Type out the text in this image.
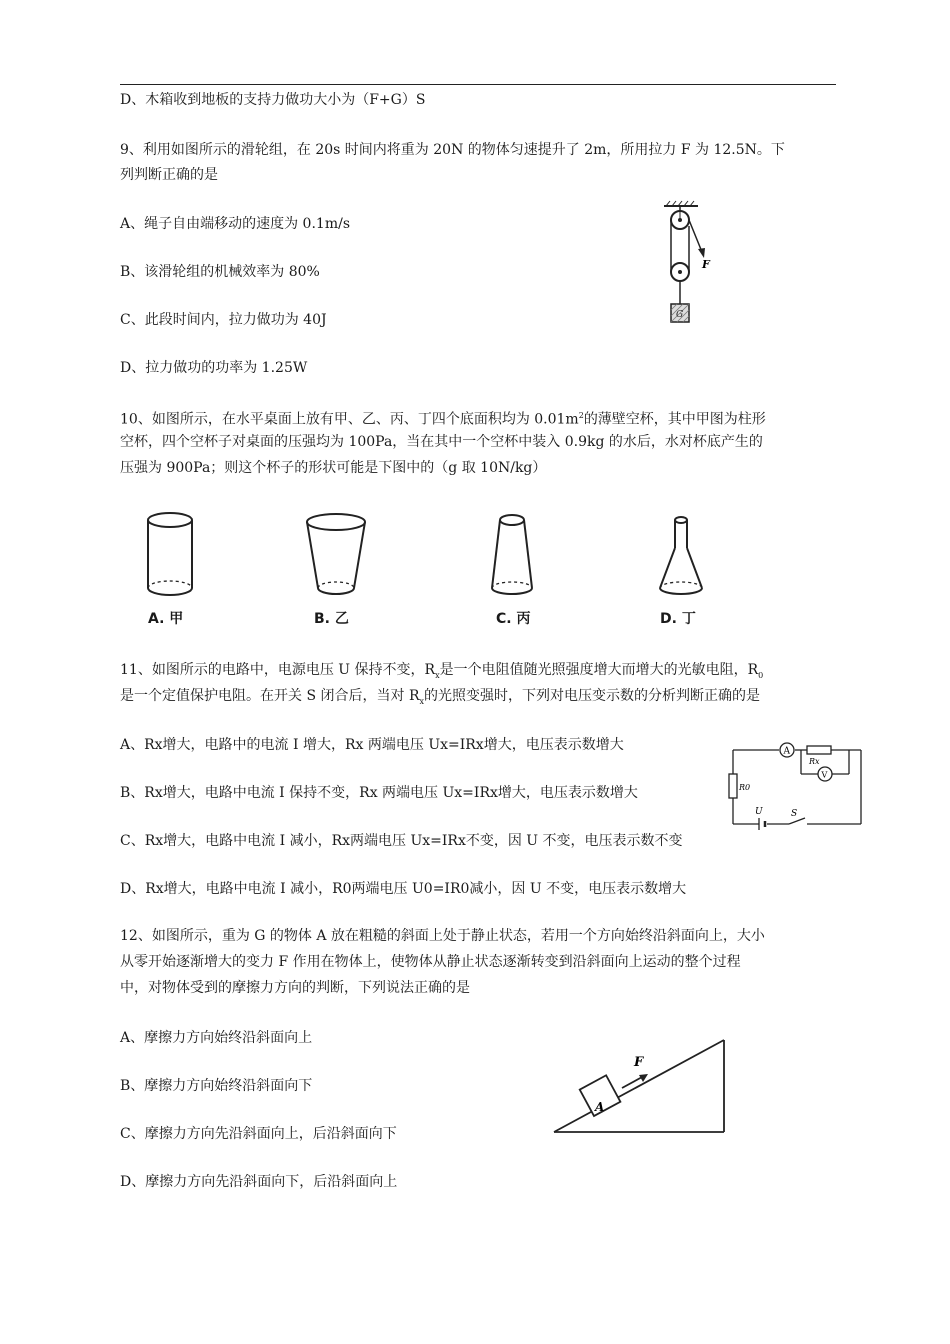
D、木箱收到地板的支持力做功大小为（F+G）S
9、利用如图所示的滑轮组，在 20s 时间内将重为 20N 的物体匀速提升了 2m，所用拉力 F 为 12.5N。下
列判断正确的是
A、绳子自由端移动的速度为 0.1m/s
B、该滑轮组的机械效率为 80%
C、此段时间内，拉力做功为 40J
D、拉力做功的功率为 1.25W
F
G
10、如图所示，在水平桌面上放有甲、乙、丙、丁四个底面积均为 $0.01m^2$的薄壁空杯，其中甲图为柱形
空杯，四个空杯子对桌面的压强均为 100Pa，当在其中一个空杯中装入 0.9kg 的水后，水对杯底产生的
压强为 900Pa；则这个杯子的形状可能是下图中的（g 取 10N/kg）
A. 甲	B. 乙	C. 丙	D. 丁
11、如图所示的电路中，电源电压 U 保持不变，$R_x$是一个电阻值随光照强度增大而增大的光敏电阻，$R_0$
是一个定值保护电阻。在开关 S 闭合后，当对 $R_x$的光照变强时，下列对电压变示数的分析判断正确的是
A、Rx增大，电路中的电流 I 增大，Rx 两端电压 Ux=IRx增大，电压表示数增大
B、Rx增大，电路中电流 I 保持不变，Rx 两端电压 Ux=IRx增大，电压表示数增大
C、Rx增大，电路中电流 I 减小，Rx两端电压 Ux=IRx不变，因 U 不变，电压表示数不变
D、Rx增大，电路中电流 I 减小，R0两端电压 U0=IR0减小，因 U 不变，电压表示数增大
A
V
Rx
R0
U	S
12、如图所示，重为 G 的物体 A 放在粗糙的斜面上处于静止状态，若用一个方向始终沿斜面向上，大小
从零开始逐渐增大的变力 F 作用在物体上，使物体从静止状态逐渐转变到沿斜面向上运动的整个过程
中，对物体受到的摩擦力方向的判断，下列说法正确的是
A、摩擦力方向始终沿斜面向上
B、摩擦力方向始终沿斜面向下
C、摩擦力方向先沿斜面向上，后沿斜面向下
D、摩擦力方向先沿斜面向下，后沿斜面向上
A
F
